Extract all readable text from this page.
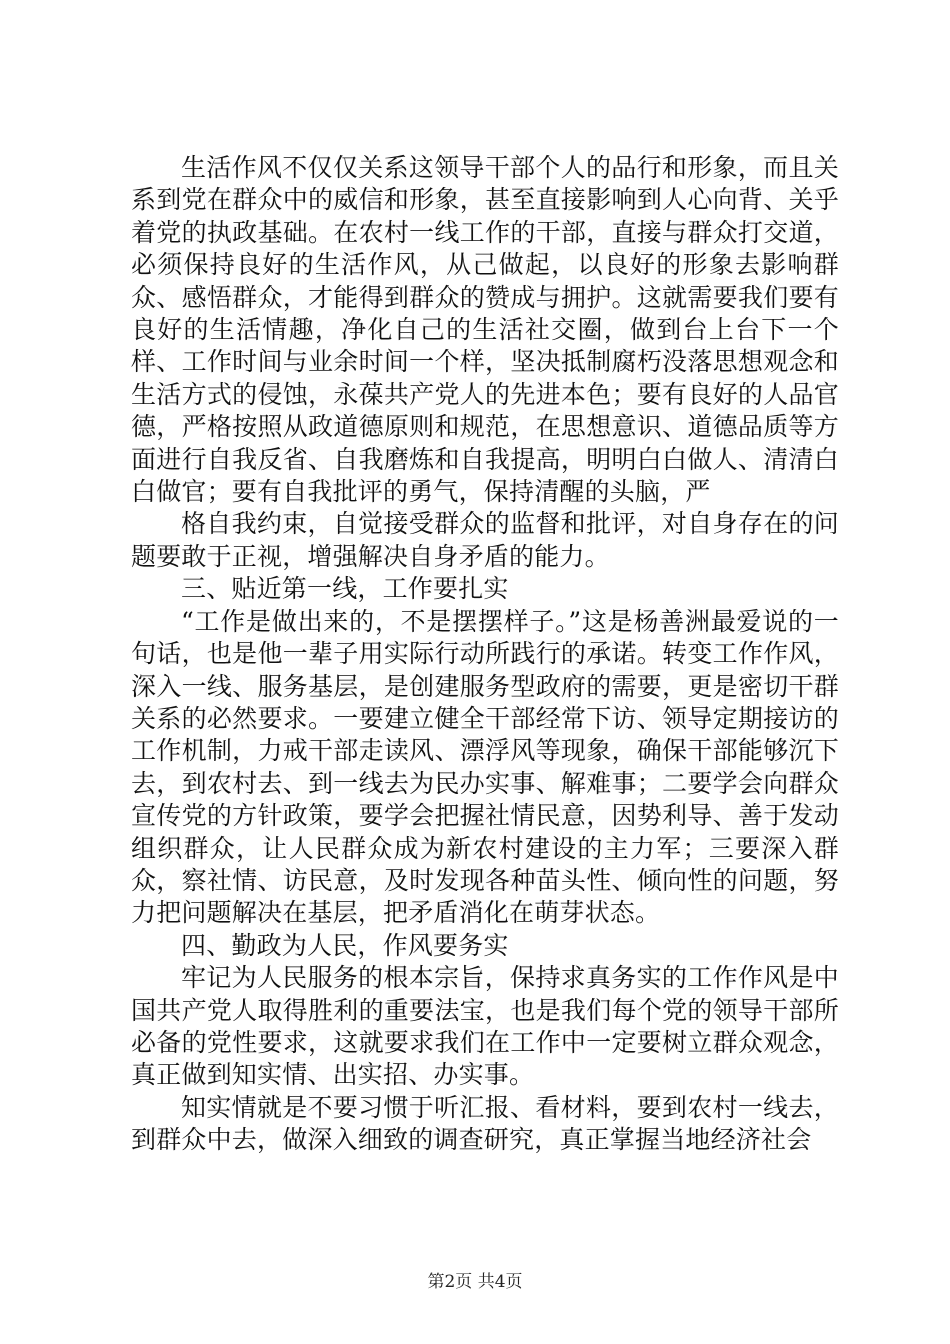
生活作风不仅仅关系这领导干部个人的品行和形象，而且关系到党在群众中的威信和形象，甚至直接影响到人心向背、关乎着党的执政基础。在农村一线工作的干部，直接与群众打交道，必须保持良好的生活作风，从己做起，以良好的形象去影响群众、感悟群众，才能得到群众的赞成与拥护。这就需要我们要有良好的生活情趣，净化自己的生活社交圈，做到台上台下一个样、工作时间与业余时间一个样，坚决抵制腐朽没落思想观念和生活方式的侵蚀，永葆共产党人的先进本色；要有良好的人品官德，严格按照从政道德原则和规范，在思想意识、道德品质等方面进行自我反省、自我磨炼和自我提高，明明白白做人、清清白白做官；要有自我批评的勇气，保持清醒的头脑，严

格自我约束，自觉接受群众的监督和批评，对自身存在的问题要敢于正视，增强解决自身矛盾的能力。

三、贴近第一线，工作要扎实

“工作是做出来的，不是摆摆样子。”这是杨善洲最爱说的一句话，也是他一辈子用实际行动所践行的承诺。转变工作作风，深入一线、服务基层，是创建服务型政府的需要，更是密切干群关系的必然要求。一要建立健全干部经常下访、领导定期接访的工作机制，力戒干部走读风、漂浮风等现象，确保干部能够沉下去，到农村去、到一线去为民办实事、解难事；二要学会向群众宣传党的方针政策，要学会把握社情民意，因势利导、善于发动组织群众，让人民群众成为新农村建设的主力军；三要深入群众，察社情、访民意，及时发现各种苗头性、倾向性的问题，努力把问题解决在基层，把矛盾消化在萌芽状态。

四、勤政为人民，作风要务实

牢记为人民服务的根本宗旨，保持求真务实的工作作风是中国共产党人取得胜利的重要法宝，也是我们每个党的领导干部所必备的党性要求，这就要求我们在工作中一定要树立群众观念，真正做到知实情、出实招、办实事。

知实情就是不要习惯于听汇报、看材料，要到农村一线去，到群众中去，做深入细致的调查研究，真正掌握当地经济社会

第2页 共4页
